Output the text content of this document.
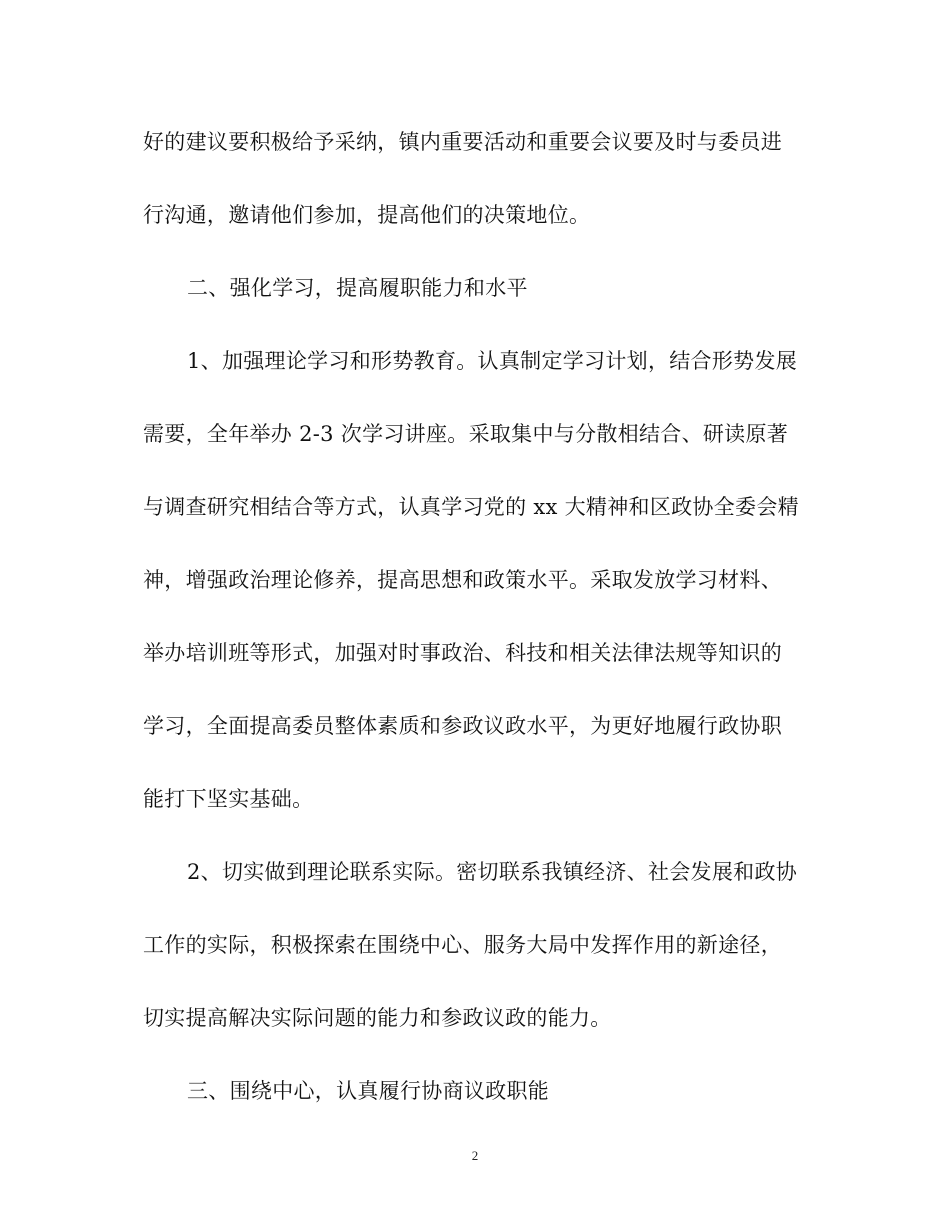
好的建议要积极给予采纳，镇内重要活动和重要会议要及时与委员进
行沟通，邀请他们参加，提高他们的决策地位。
二、强化学习，提高履职能力和水平
1、加强理论学习和形势教育。认真制定学习计划，结合形势发展
需要，全年举办 2-3 次学习讲座。采取集中与分散相结合、研读原著
与调查研究相结合等方式，认真学习党的 xx 大精神和区政协全委会精
神，增强政治理论修养，提高思想和政策水平。采取发放学习材料、
举办培训班等形式，加强对时事政治、科技和相关法律法规等知识的
学习，全面提高委员整体素质和参政议政水平，为更好地履行政协职
能打下坚实基础。
2、切实做到理论联系实际。密切联系我镇经济、社会发展和政协
工作的实际，积极探索在围绕中心、服务大局中发挥作用的新途径，
切实提高解决实际问题的能力和参政议政的能力。
三、围绕中心，认真履行协商议政职能
2
